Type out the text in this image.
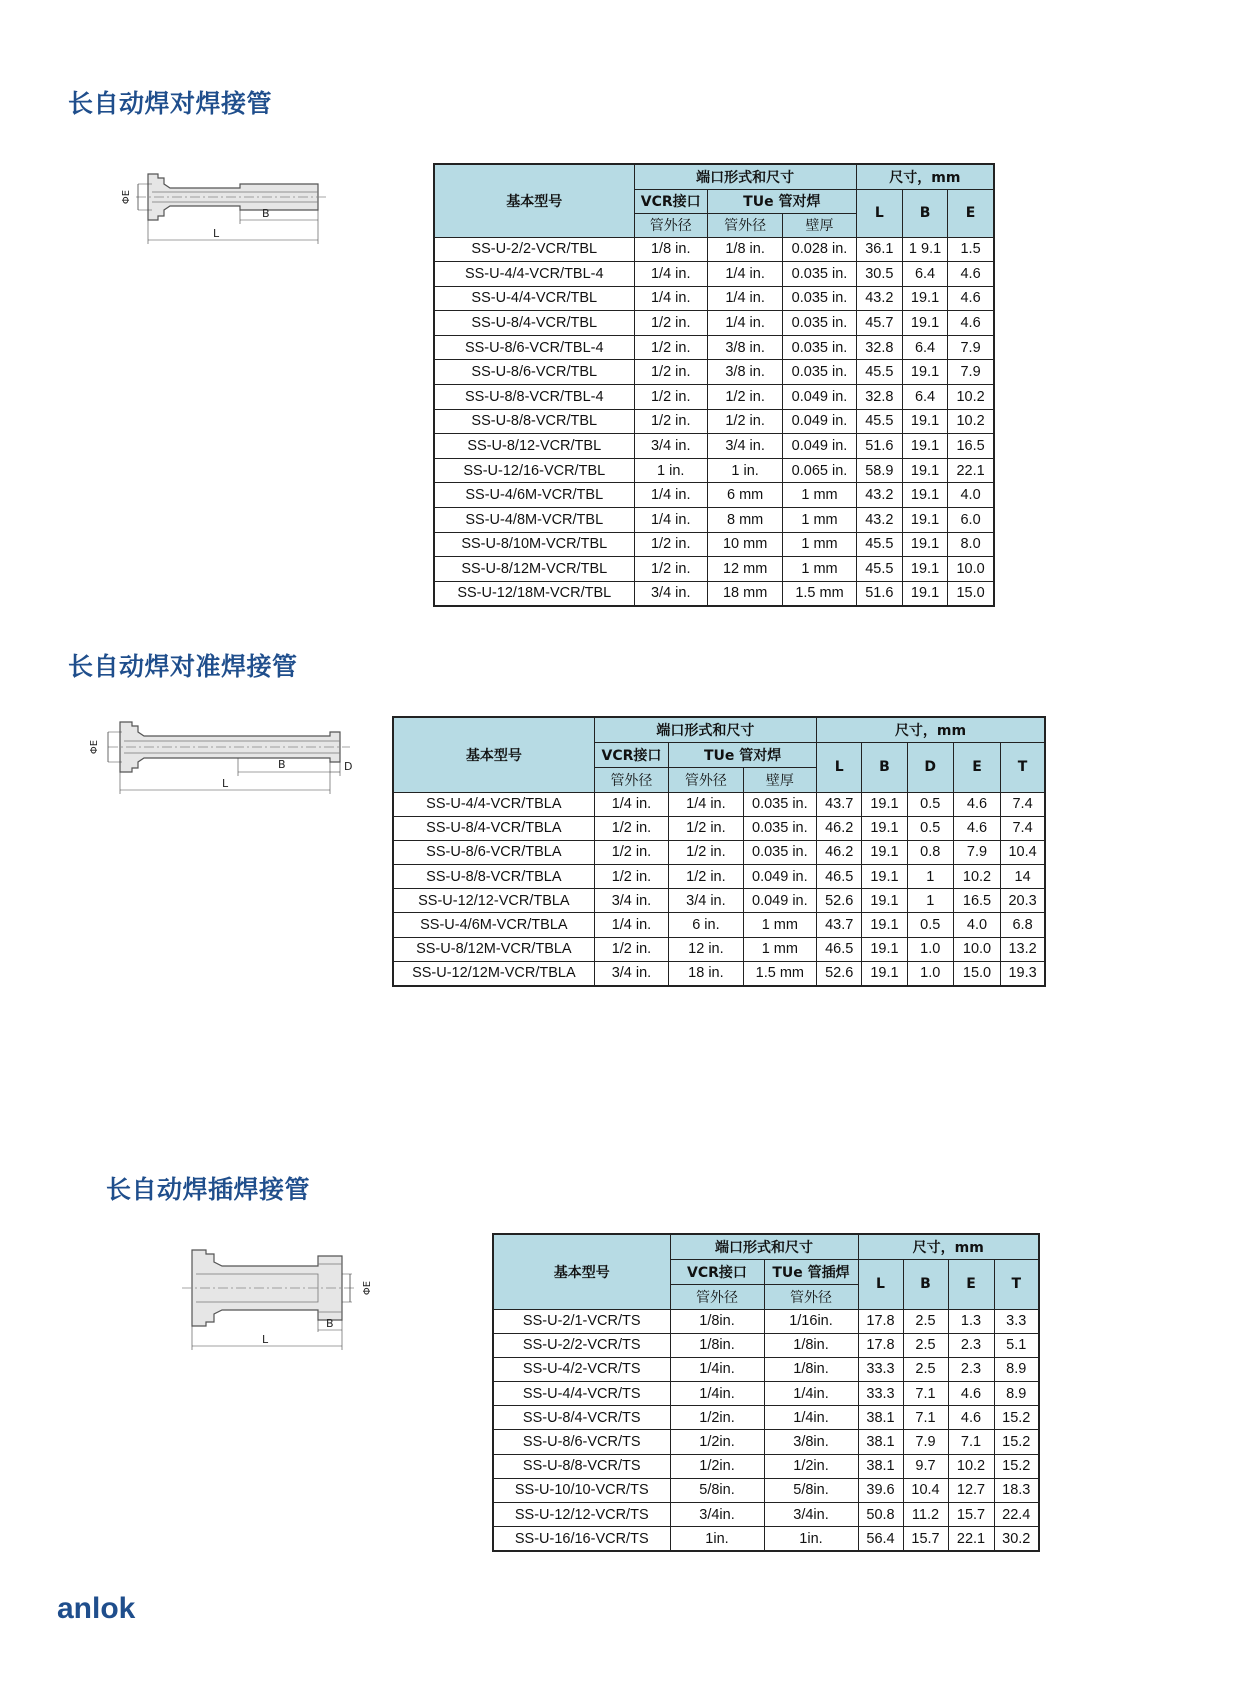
长自动焊对焊接管
ΦE
B
L
基本型号	端口形式和尺寸			尺寸，mm		
	VCR接口	TUe 管对焊		L	B	E
	管外径	管外径	壁厚			
SS-U-2/2-VCR/TBL	1/8 in.	1/8 in.	0.028 in.	36.1	1 9.1	1.5
SS-U-4/4-VCR/TBL-4	1/4 in.	1/4 in.	0.035 in.	30.5	6.4	4.6
SS-U-4/4-VCR/TBL	1/4 in.	1/4 in.	0.035 in.	43.2	19.1	4.6
SS-U-8/4-VCR/TBL	1/2 in.	1/4 in.	0.035 in.	45.7	19.1	4.6
SS-U-8/6-VCR/TBL-4	1/2 in.	3/8 in.	0.035 in.	32.8	6.4	7.9
SS-U-8/6-VCR/TBL	1/2 in.	3/8 in.	0.035 in.	45.5	19.1	7.9
SS-U-8/8-VCR/TBL-4	1/2 in.	1/2 in.	0.049 in.	32.8	6.4	10.2
SS-U-8/8-VCR/TBL	1/2 in.	1/2 in.	0.049 in.	45.5	19.1	10.2
SS-U-8/12-VCR/TBL	3/4 in.	3/4 in.	0.049 in.	51.6	19.1	16.5
SS-U-12/16-VCR/TBL	1 in.	1 in.	0.065 in.	58.9	19.1	22.1
SS-U-4/6M-VCR/TBL	1/4 in.	6 mm	1 mm	43.2	19.1	4.0
SS-U-4/8M-VCR/TBL	1/4 in.	8 mm	1 mm	43.2	19.1	6.0
SS-U-8/10M-VCR/TBL	1/2 in.	10 mm	1 mm	45.5	19.1	8.0
SS-U-8/12M-VCR/TBL	1/2 in.	12 mm	1 mm	45.5	19.1	10.0
SS-U-12/18M-VCR/TBL	3/4 in.	18 mm	1.5 mm	51.6	19.1	15.0
长自动焊对准焊接管
ΦE
B	D
L
基本型号	端口形式和尺寸			尺寸，mm				
	VCR接口	TUe 管对焊		L	B	D	E	T
	管外径	管外径	壁厚					
SS-U-4/4-VCR/TBLA	1/4 in.	1/4 in.	0.035 in.	43.7	19.1	0.5	4.6	7.4
SS-U-8/4-VCR/TBLA	1/2 in.	1/2 in.	0.035 in.	46.2	19.1	0.5	4.6	7.4
SS-U-8/6-VCR/TBLA	1/2 in.	1/2 in.	0.035 in.	46.2	19.1	0.8	7.9	10.4
SS-U-8/8-VCR/TBLA	1/2 in.	1/2 in.	0.049 in.	46.5	19.1	1	10.2	14
SS-U-12/12-VCR/TBLA	3/4 in.	3/4 in.	0.049 in.	52.6	19.1	1	16.5	20.3
SS-U-4/6M-VCR/TBLA	1/4 in.	6 in.	1 mm	43.7	19.1	0.5	4.0	6.8
SS-U-8/12M-VCR/TBLA	1/2 in.	12 in.	1 mm	46.5	19.1	1.0	10.0	13.2
SS-U-12/12M-VCR/TBLA	3/4 in.	18 in.	1.5 mm	52.6	19.1	1.0	15.0	19.3
长自动焊插焊接管
ΦE
B
L
基本型号	端口形式和尺寸		尺寸，mm			
	VCR接口	TUe 管插焊	L	B	E	T
	管外径	管外径				
SS-U-2/1-VCR/TS	1/8in.	1/16in.	17.8	2.5	1.3	3.3
SS-U-2/2-VCR/TS	1/8in.	1/8in.	17.8	2.5	2.3	5.1
SS-U-4/2-VCR/TS	1/4in.	1/8in.	33.3	2.5	2.3	8.9
SS-U-4/4-VCR/TS	1/4in.	1/4in.	33.3	7.1	4.6	8.9
SS-U-8/4-VCR/TS	1/2in.	1/4in.	38.1	7.1	4.6	15.2
SS-U-8/6-VCR/TS	1/2in.	3/8in.	38.1	7.9	7.1	15.2
SS-U-8/8-VCR/TS	1/2in.	1/2in.	38.1	9.7	10.2	15.2
SS-U-10/10-VCR/TS	5/8in.	5/8in.	39.6	10.4	12.7	18.3
SS-U-12/12-VCR/TS	3/4in.	3/4in.	50.8	11.2	15.7	22.4
SS-U-16/16-VCR/TS	1in.	1in.	56.4	15.7	22.1	30.2
anlok
